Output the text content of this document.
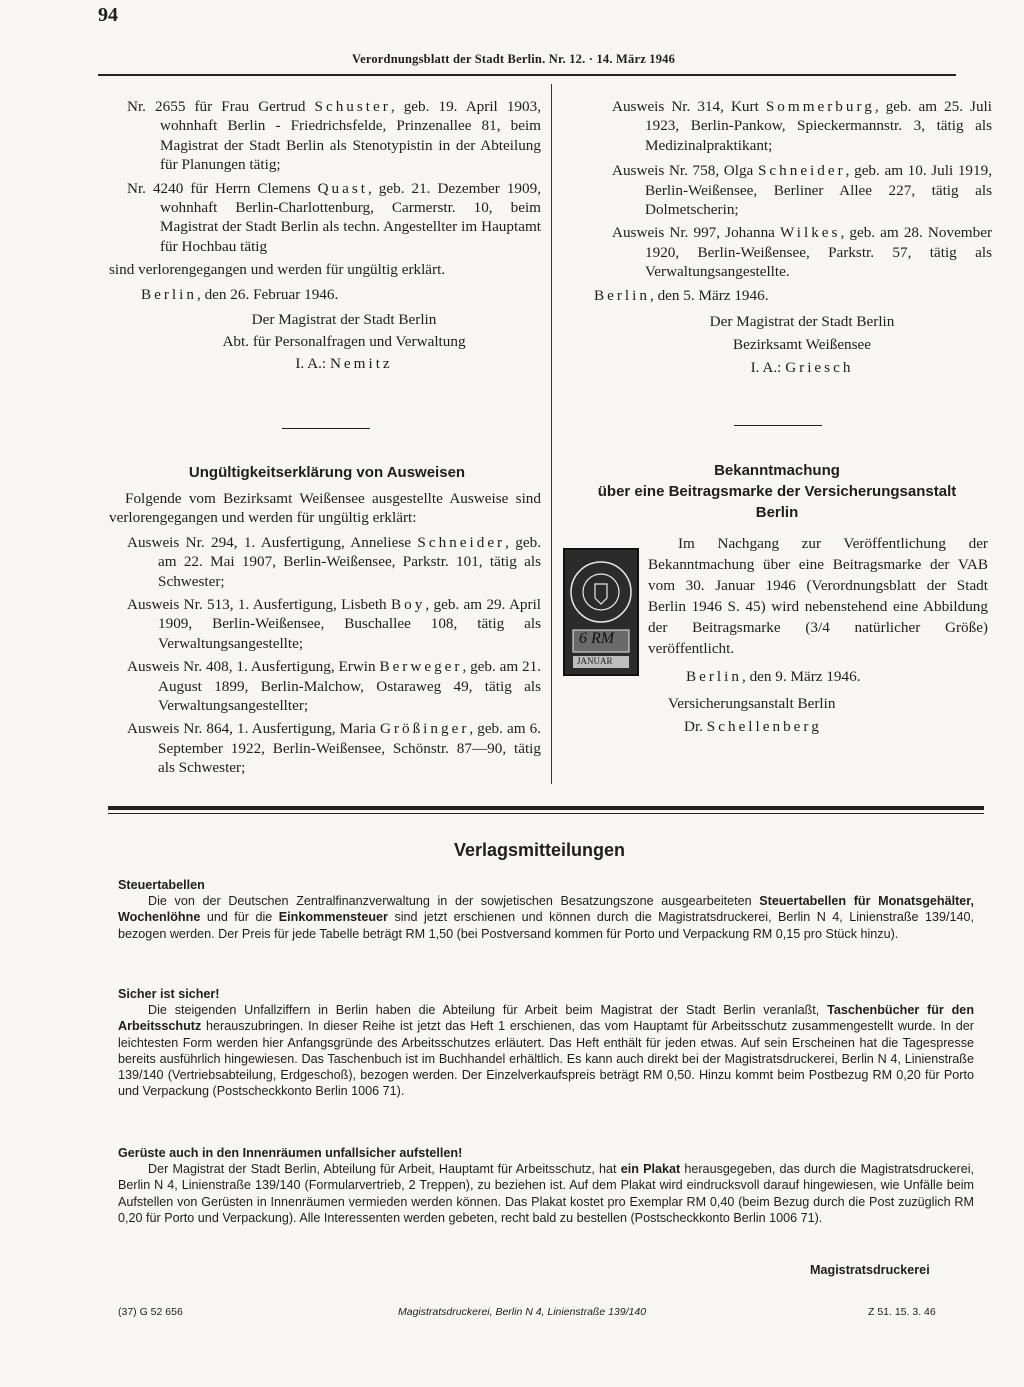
94
Verordnungsblatt der Stadt Berlin. Nr. 12. · 14. März 1946

Nr. 2655 für Frau Gertrud Schuster, geb. 19. April 1903, wohnhaft Berlin - Friedrichsfelde, Prinzenallee 81, beim Magistrat der Stadt Berlin als Stenotypistin in der Abteilung für Planungen tätig;

Nr. 4240 für Herrn Clemens Quast, geb. 21. Dezember 1909, wohnhaft Berlin-Charlottenburg, Carmerstr. 10, beim Magistrat der Stadt Berlin als techn. Angestellter im Hauptamt für Hochbau tätig

sind verlorengegangen und werden für ungültig erklärt.

Berlin, den 26. Februar 1946.

Der Magistrat der Stadt Berlin
Abt. für Personalfragen und Verwaltung
I. A.: Nemitz
Ungültigkeitserklärung von Ausweisen

Folgende vom Bezirksamt Weißensee ausgestellte Ausweise sind verlorengegangen und werden für ungültig erklärt:

Ausweis Nr. 294, 1. Ausfertigung, Anneliese Schneider, geb. am 22. Mai 1907, Berlin-Weißensee, Parkstr. 101, tätig als Schwester;

Ausweis Nr. 513, 1. Ausfertigung, Lisbeth Boy, geb. am 29. April 1909, Berlin-Weißensee, Buschallee 108, tätig als Verwaltungsangestellte;

Ausweis Nr. 408, 1. Ausfertigung, Erwin Berweger, geb. am 21. August 1899, Berlin-Malchow, Ostaraweg 49, tätig als Verwaltungsangestellter;

Ausweis Nr. 864, 1. Ausfertigung, Maria Größinger, geb. am 6. September 1922, Berlin-Weißensee, Schönstr. 87—90, tätig als Schwester;

Ausweis Nr. 314, Kurt Sommerburg, geb. am 25. Juli 1923, Berlin-Pankow, Spieckermannstr. 3, tätig als Medizinalpraktikant;

Ausweis Nr. 758, Olga Schneider, geb. am 10. Juli 1919, Berlin-Weißensee, Berliner Allee 227, tätig als Dolmetscherin;

Ausweis Nr. 997, Johanna Wilkes, geb. am 28. November 1920, Berlin-Weißensee, Parkstr. 57, tätig als Verwaltungsangestellte.

Berlin, den 5. März 1946.

Der Magistrat der Stadt Berlin
Bezirksamt Weißensee
I. A.: Griesch
Bekanntmachung
über eine Beitragsmarke der Versicherungsanstalt
Berlin
6 RM
JANUAR

Im Nachgang zur Veröffentlichung der Bekanntmachung über eine Beitragsmarke der VAB vom 30. Januar 1946 (Verordnungsblatt der Stadt Berlin 1946 S. 45) wird nebenstehend eine Abbildung der Beitragsmarke (3/4 natürlicher Größe) veröffentlicht.

Berlin, den 9. März 1946.

Versicherungsanstalt Berlin
Dr. Schellenberg
Verlagsmitteilungen
Steuertabellen

Die von der Deutschen Zentralfinanzverwaltung in der sowjetischen Besatzungszone ausgearbeiteten Steuertabellen für Monatsgehälter, Wochenlöhne und für die Einkommensteuer sind jetzt erschienen und können durch die Magistratsdruckerei, Berlin N 4, Linienstraße 139/140, bezogen werden. Der Preis für jede Tabelle beträgt RM 1,50 (bei Postversand kommen für Porto und Verpackung RM 0,15 pro Stück hinzu).

Sicher ist sicher!

Die steigenden Unfallziffern in Berlin haben die Abteilung für Arbeit beim Magistrat der Stadt Berlin veranlaßt, Taschenbücher für den Arbeitsschutz herauszubringen. In dieser Reihe ist jetzt das Heft 1 erschienen, das vom Hauptamt für Arbeitsschutz zusammengestellt wurde. In der leichtesten Form werden hier Anfangsgründe des Arbeitsschutzes erläutert. Das Heft enthält für jeden etwas. Auf sein Erscheinen hat die Tagespresse bereits ausführlich hingewiesen. Das Taschenbuch ist im Buchhandel erhältlich. Es kann auch direkt bei der Magistratsdruckerei, Berlin N 4, Linienstraße 139/140 (Vertriebsabteilung, Erdgeschoß), bezogen werden. Der Einzelverkaufspreis beträgt RM 0,50. Hinzu kommt beim Postbezug RM 0,20 für Porto und Verpackung (Postscheckkonto Berlin 1006 71).

Gerüste auch in den Innenräumen unfallsicher aufstellen!

Der Magistrat der Stadt Berlin, Abteilung für Arbeit, Hauptamt für Arbeitsschutz, hat ein Plakat herausgegeben, das durch die Magistratsdruckerei, Berlin N 4, Linienstraße 139/140 (Formularvertrieb, 2 Treppen), zu beziehen ist. Auf dem Plakat wird eindrucksvoll darauf hingewiesen, wie Unfälle beim Aufstellen von Gerüsten in Innenräumen vermieden werden können. Das Plakat kostet pro Exemplar RM 0,40 (beim Bezug durch die Post zuzüglich RM 0,20 für Porto und Verpackung). Alle Interessenten werden gebeten, recht bald zu bestellen (Postscheckkonto Berlin 1006 71).

Magistratsdruckerei
(37) G 52 656	Magistratsdruckerei, Berlin N 4, Linienstraße 139/140	Z 51. 15. 3. 46
